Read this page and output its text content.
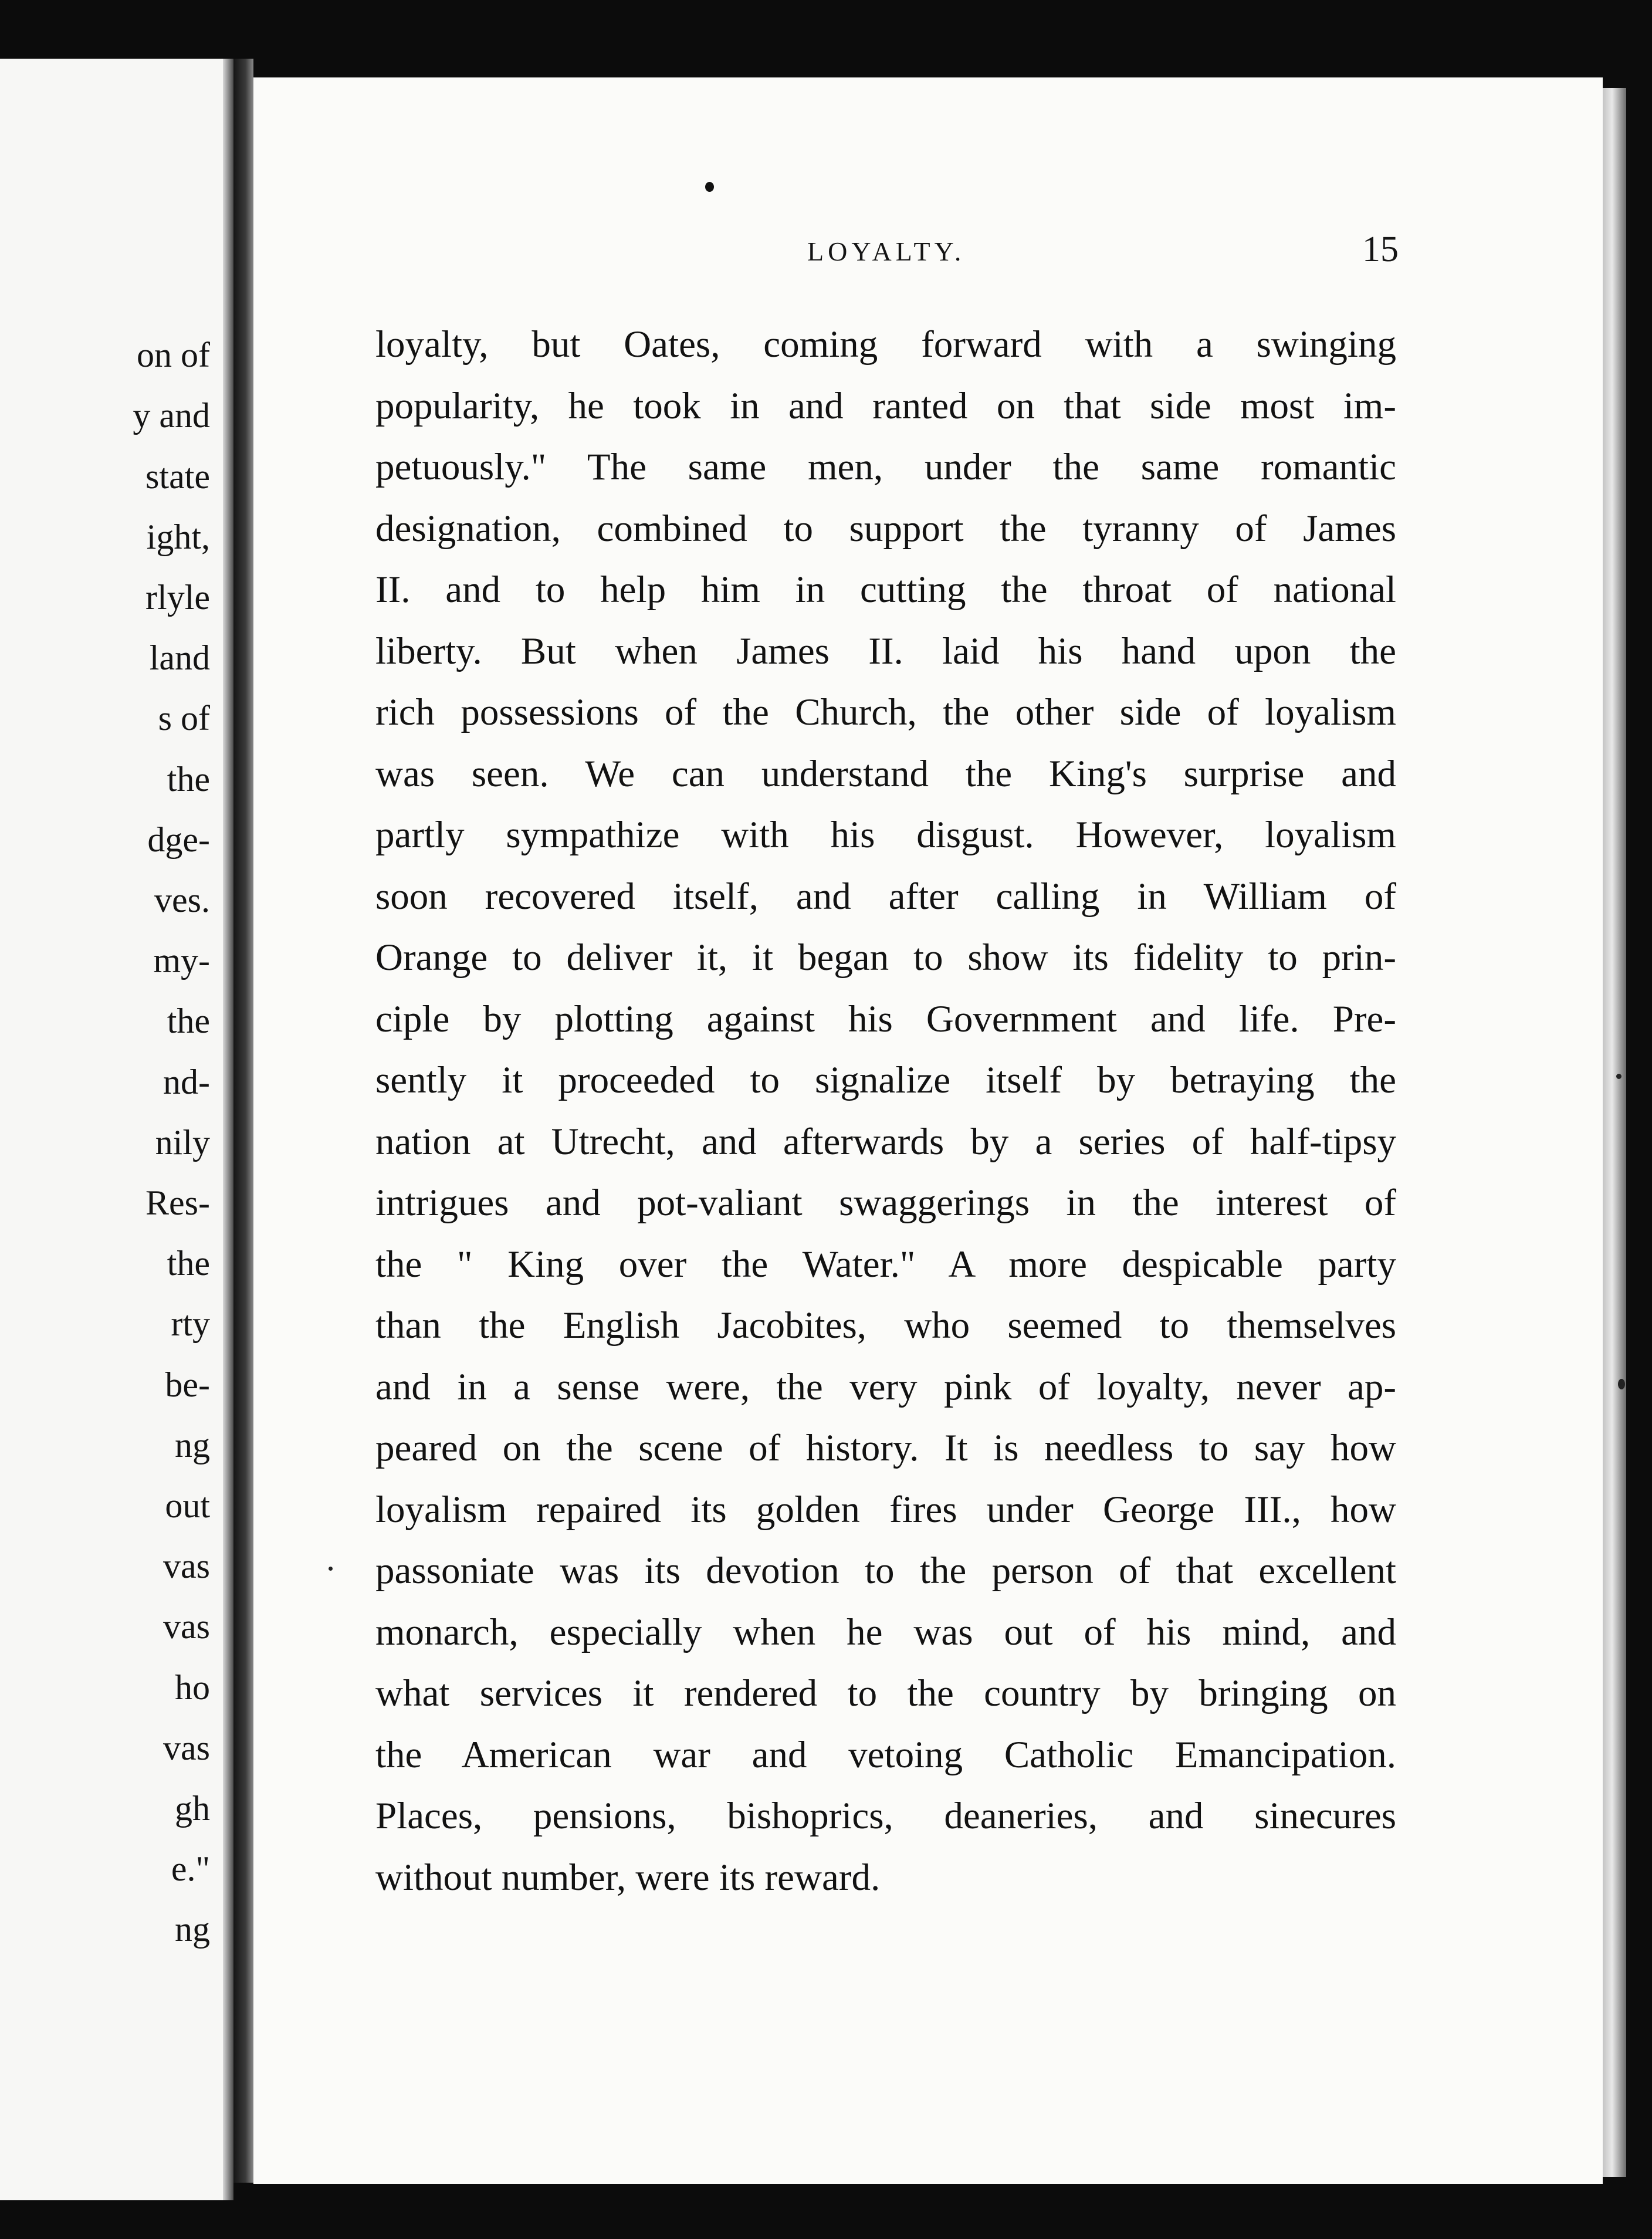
on of
y and
state
ight,
rlyle
land
s of
the
dge-
ves.
my-
the
nd-
nily
Res-
the
rty
be-
ng
out
vas
vas
ho
vas
gh
e."
ng
LOYALTY.	15
loyalty, but Oates, coming forward with a swinging
popularity, he took in and ranted on that side most im-
petuously." The same men, under the same romantic
designation, combined to support the tyranny of James
II. and to help him in cutting the throat of national
liberty. But when James II. laid his hand upon the
rich possessions of the Church, the other side of loyalism
was seen. We can understand the King's surprise and
partly sympathize with his disgust. However, loyalism
soon recovered itself, and after calling in William of
Orange to deliver it, it began to show its fidelity to prin-
ciple by plotting against his Government and life. Pre-
sently it proceeded to signalize itself by betraying the
nation at Utrecht, and afterwards by a series of half-tipsy
intrigues and pot-valiant swaggerings in the interest of
the " King over the Water." A more despicable party
than the English Jacobites, who seemed to themselves
and in a sense were, the very pink of loyalty, never ap-
peared on the scene of history. It is needless to say how
loyalism repaired its golden fires under George III., how
passoniate was its devotion to the person of that excellent
monarch, especially when he was out of his mind, and
what services it rendered to the country by bringing on
the American war and vetoing Catholic Emancipation.
Places, pensions, bishoprics, deaneries, and sinecures
without number, were its reward.
